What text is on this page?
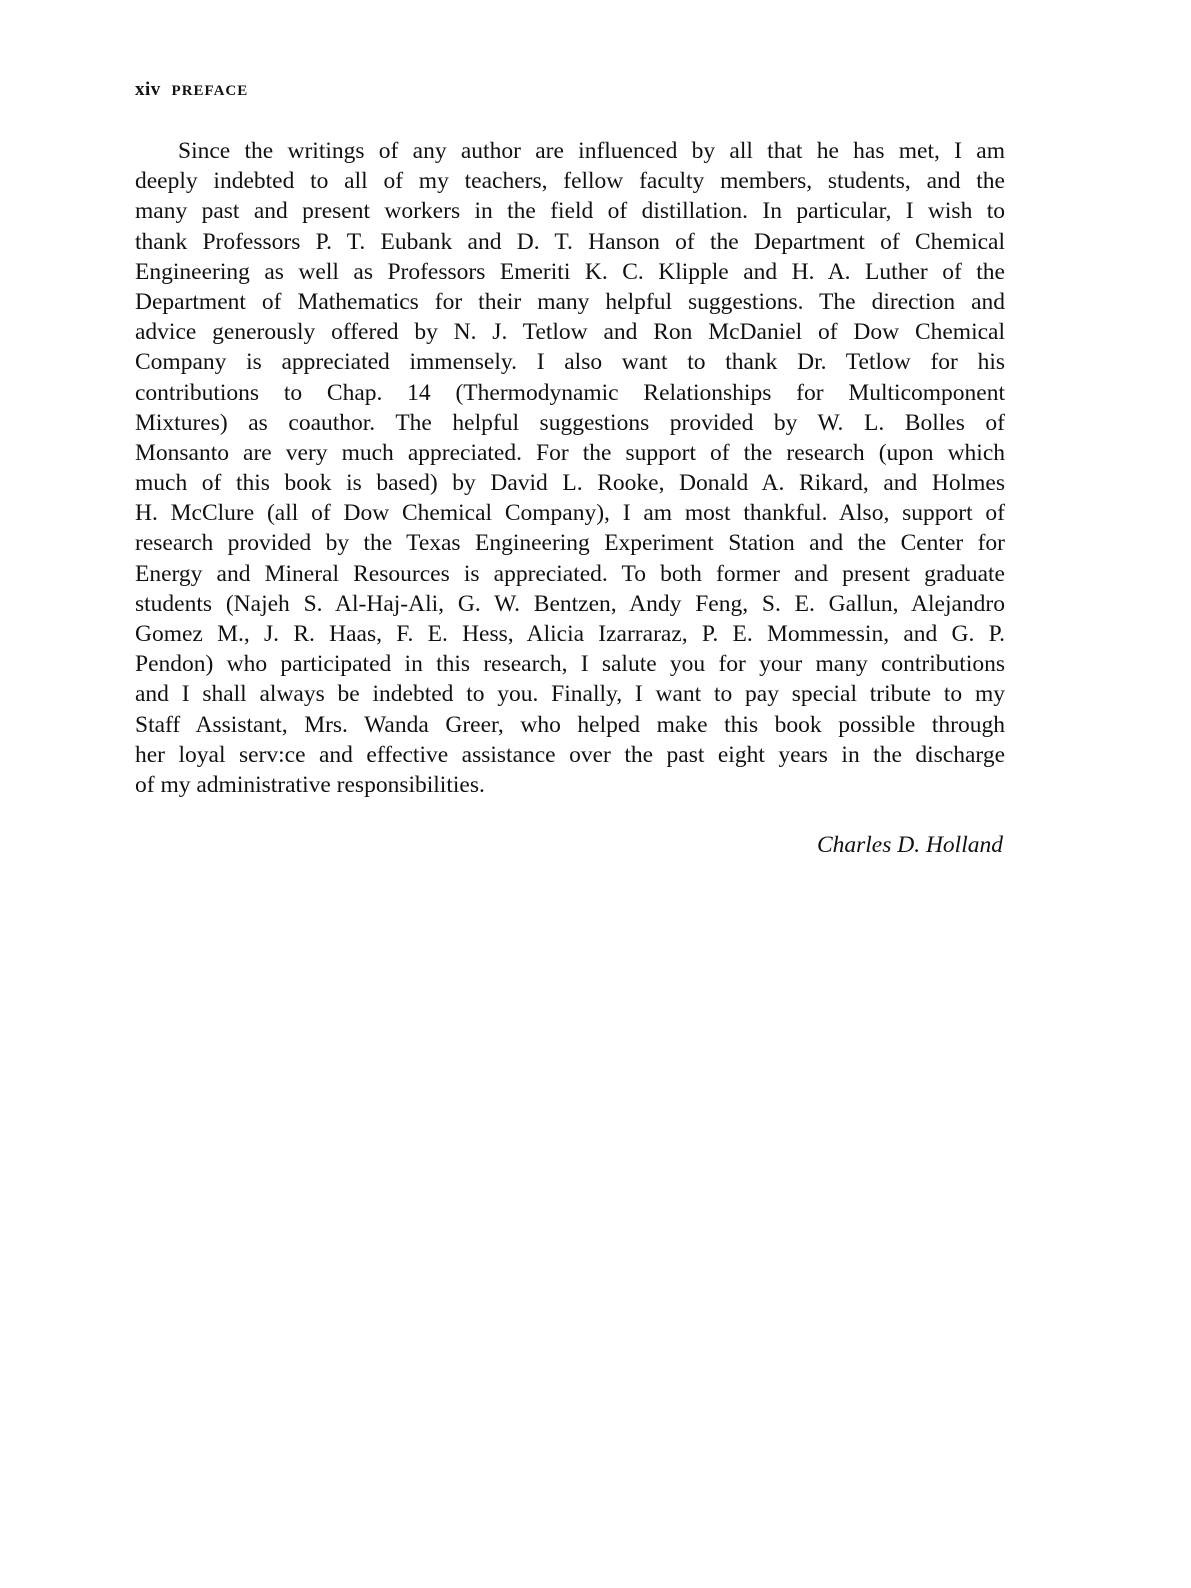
xiv PREFACE

Since the writings of any author are influenced by all that he has met, I am
deeply indebted to all of my teachers, fellow faculty members, students, and the
many past and present workers in the field of distillation. In particular, I wish to
thank Professors P. T. Eubank and D. T. Hanson of the Department of Chemical
Engineering as well as Professors Emeriti K. C. Klipple and H. A. Luther of the
Department of Mathematics for their many helpful suggestions. The direction and
advice generously offered by N. J. Tetlow and Ron McDaniel of Dow Chemical
Company is appreciated immensely. I also want to thank Dr. Tetlow for his
contributions to Chap. 14 (Thermodynamic Relationships for Multicomponent
Mixtures) as coauthor. The helpful suggestions provided by W. L. Bolles of
Monsanto are very much appreciated. For the support of the research (upon which
much of this book is based) by David L. Rooke, Donald A. Rikard, and Holmes
H. McClure (all of Dow Chemical Company), I am most thankful. Also, support of
research provided by the Texas Engineering Experiment Station and the Center for
Energy and Mineral Resources is appreciated. To both former and present graduate
students (Najeh S. Al-Haj-Ali, G. W. Bentzen, Andy Feng, S. E. Gallun, Alejandro
Gomez M., J. R. Haas, F. E. Hess, Alicia Izarraraz, P. E. Mommessin, and G. P.
Pendon) who participated in this research, I salute you for your many contributions
and I shall always be indebted to you. Finally, I want to pay special tribute to my
Staff Assistant, Mrs. Wanda Greer, who helped make this book possible through
her loyal serv:ce and effective assistance over the past eight years in the discharge
of my administrative responsibilities.

Charles D. Holland
